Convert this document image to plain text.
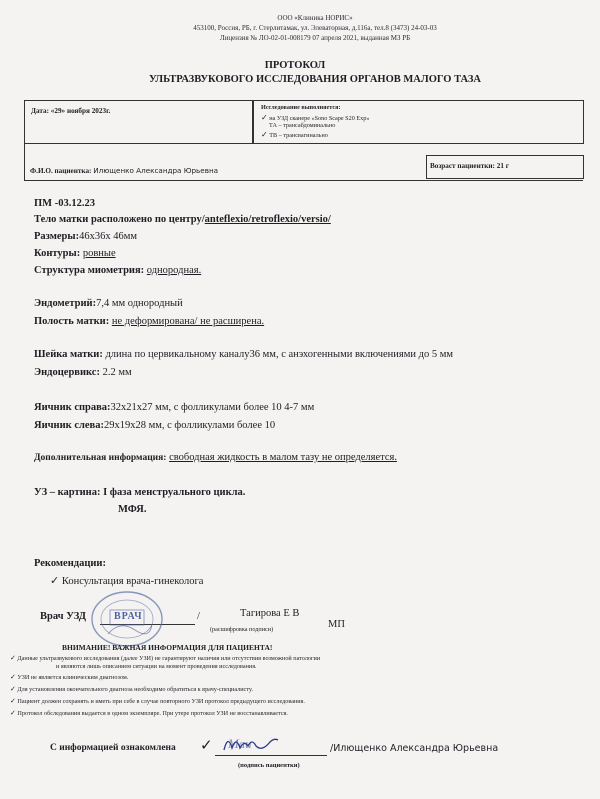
ООО «Клиника НОРИС»
453100, Россия, РБ, г. Стерлитамак, ул. Элеваторная, д.116а, тел.8 (3473) 24-03-03
Лицензия № ЛО-02-01-008179 07 апреля 2021, выданная МЗ РБ
ПРОТОКОЛ
УЛЬТРАЗВУКОВОГО ИССЛЕДОВАНИЯ ОРГАНОВ МАЛОГО ТАЗА
Дата: «29» ноября 2023г.	Исследование выполняется:
✓ на УЗД сканере «Sono Scape S20 Exp»
ТА – трансабдоминально
✓ ТВ – трансвагинально
Ф.И.О. пациентка: Илющенко Александра Юрьевна	Возраст пациентки: 21 г
ПМ -03.12.23
Тело матки расположено по центру/anteflexio/retroflexio/versio/
Размеры:46х36х 46мм
Контуры: ровные
Структура миометрия: однородная.
Эндометрий:7,4 мм однородный
Полость матки: не деформирована/ не расширена.
Шейка матки: длина по цервикальному каналу36 мм, с анэхогенными включениями до 5 мм
Эндоцервикс: 2.2 мм
Яичник справа:32х21х27 мм, с фолликулами более 10 4-7 мм
Яичник слева:29х19х28 мм, с фолликулами более 10
Дополнительная информация: свободная жидкость в малом тазу не определяется.
УЗ – картина: I фаза менструального цикла.
МФЯ.
Рекомендации:
✓ Консультация врача-гинеколога
Врач УЗД	/	Тагирова Е В
(расшифровка подписи)	МП
ВРАЧ
ВНИМАНИЕ! ВАЖНАЯ ИНФОРМАЦИЯ ДЛЯ ПАЦИЕНТА!
✓ Данные ультразвукового исследования (далее УЗИ) не гарантируют наличия или отсутствия возможной патологии
и являются лишь описанием ситуации на момент проведения исследования.
✓ УЗИ не является клиническим диагнозом.
✓ Для установления окончательного диагноза необходимо обратиться к врачу-специалисту.
✓ Пациент должен сохранять и иметь при себе в случае повторного УЗИ протокол предыдущего исследования.
✓ Протокол обследования выдается в одном экземпляре. При утере протокол УЗИ не восстанавливается.
С информацией ознакомлена ✓ Маи	/Илющенко Александра Юрьевна
(подпись пациентки)
